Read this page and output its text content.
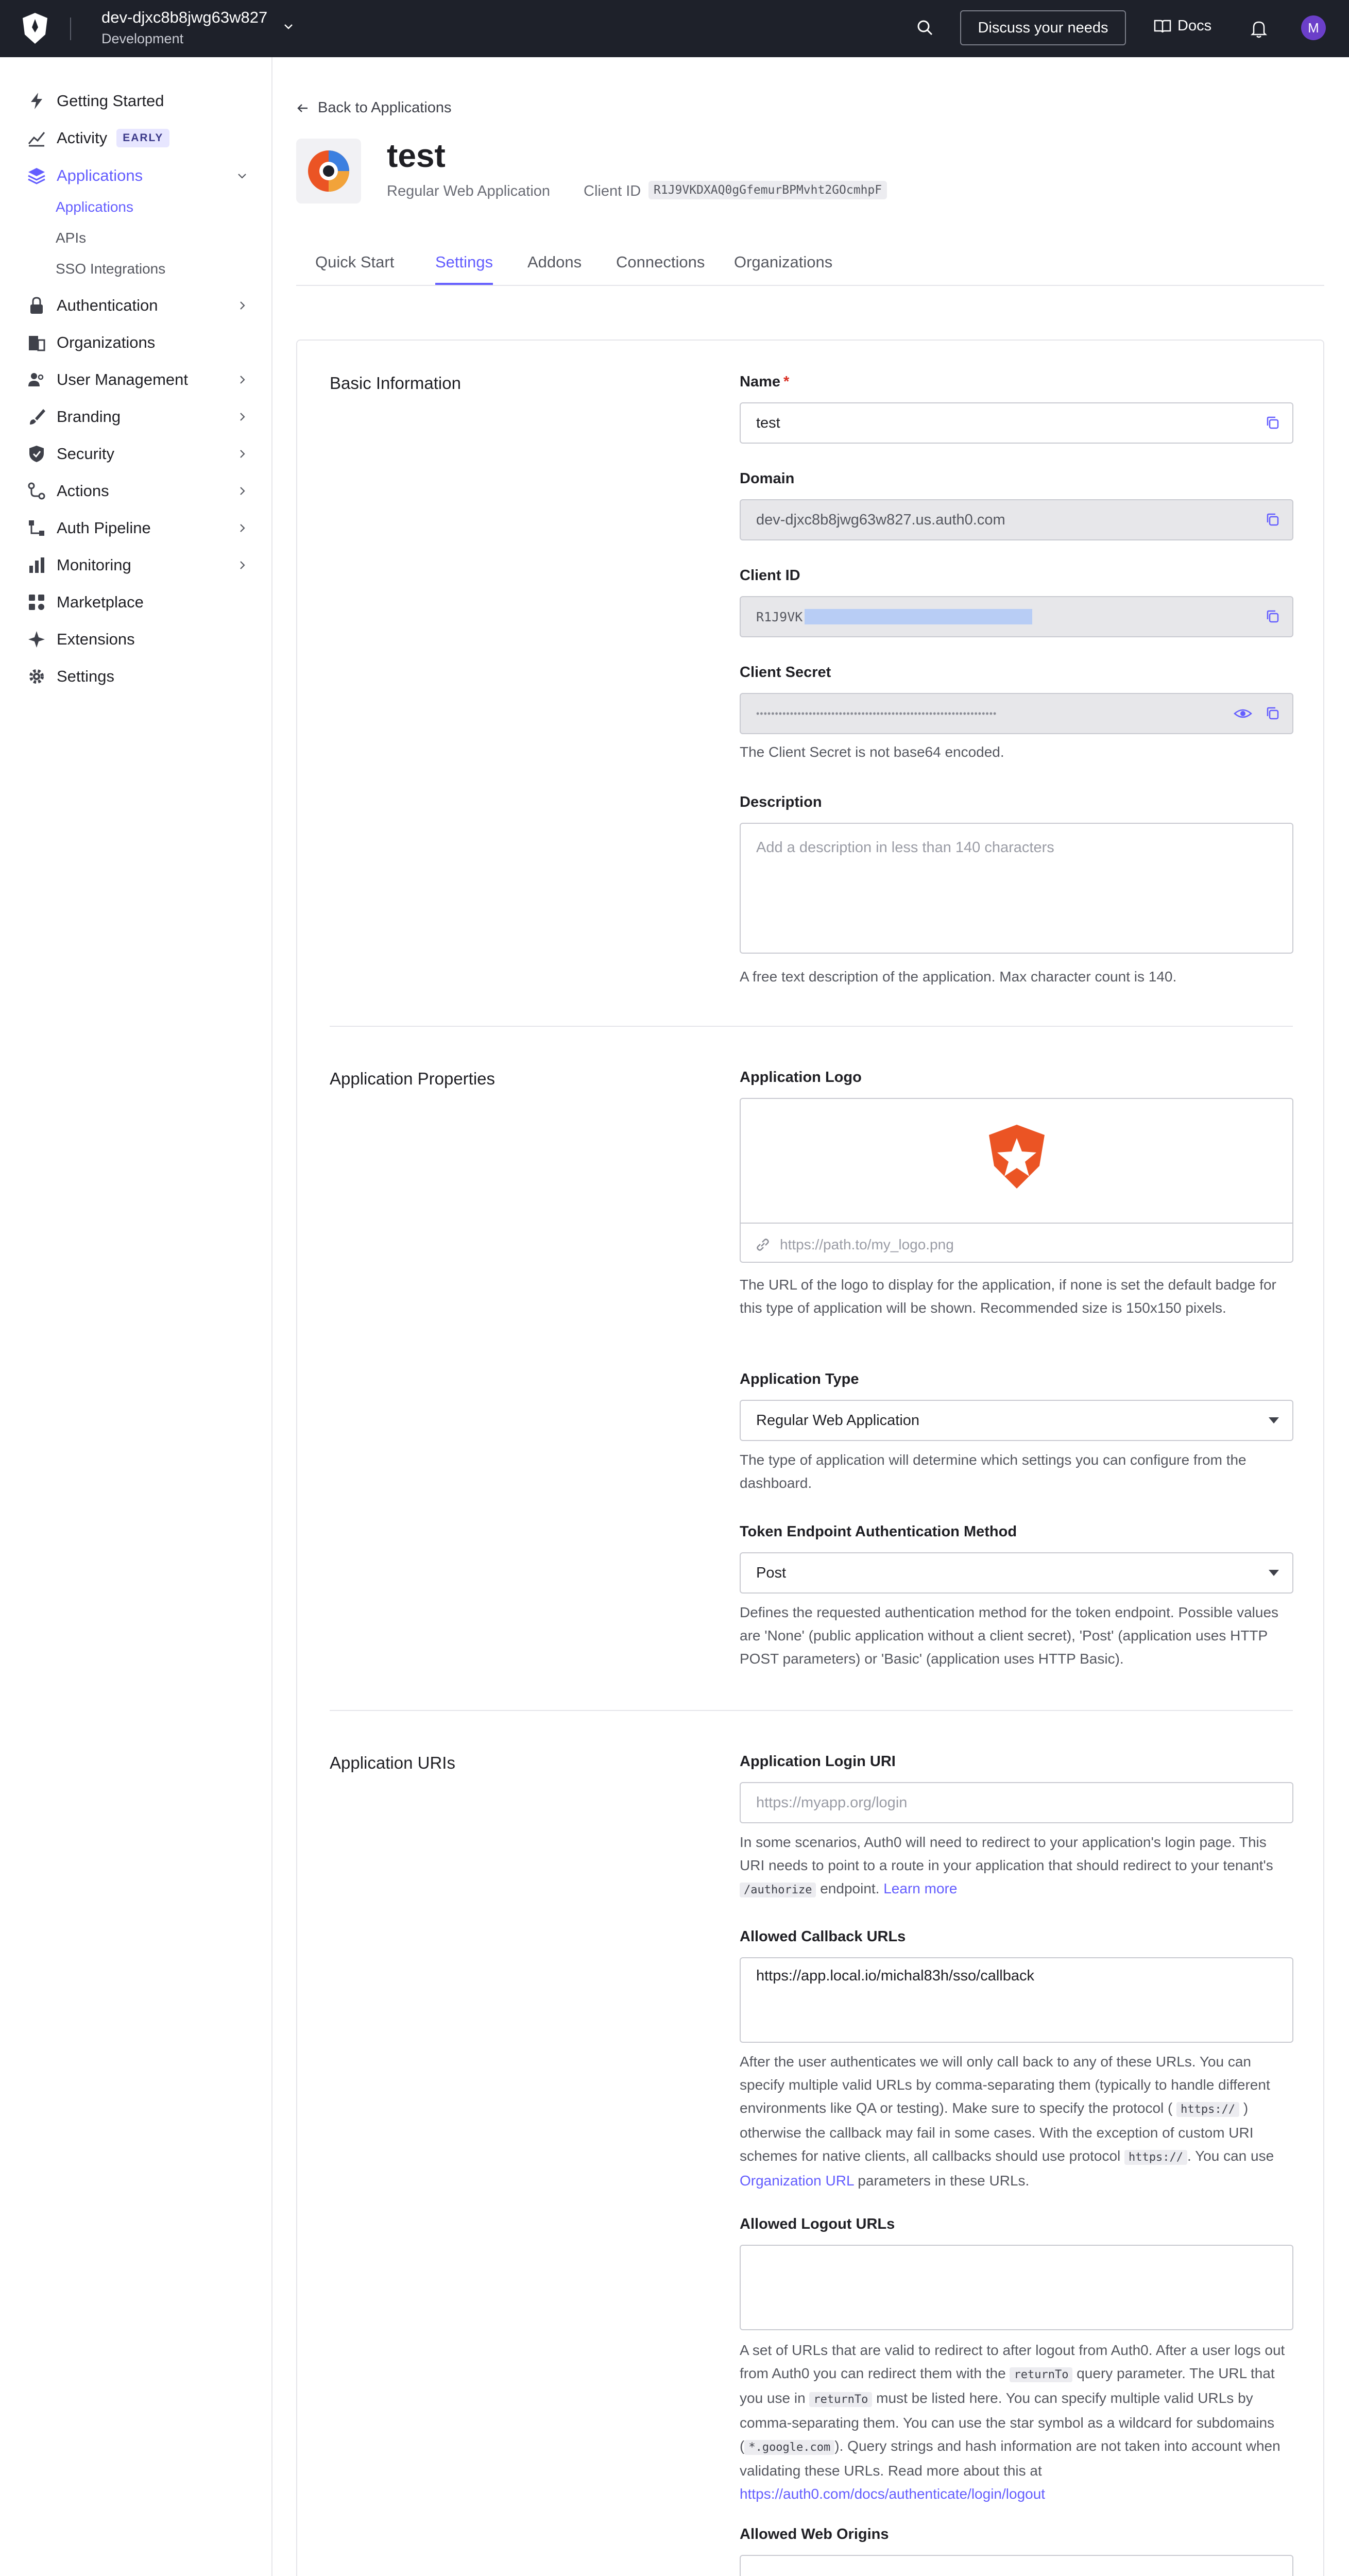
dev-djxc8b8jwg63w827
Development
Discuss your needs	Docs	M
Getting Started
Activity	EARLY
Applications
Applications
APIs
SSO Integrations
Authentication
Organizations
User Management
Branding
Security
Actions
Auth Pipeline
Monitoring
Marketplace
Extensions
Settings
Back to Applications
test
Regular Web Application Client ID	R1J9VKDXAQ0gGfemurBPMvht2GOcmhpF
Quick Start	Settings Addons Connections Organizations
Basic Information	Name *
test
Domain
dev-djxc8b8jwg63w827.us.auth0.com
Client ID
R1J9VK
Client Secret
••••••••••••••••••••••••••••••••••••••••••••••••••••••••••••••••
The Client Secret is not base64 encoded.
Description
Add a description in less than 140 characters
A free text description of the application. Max character count is 140.
Application Properties	Application Logo
https://path.to/my_logo.png
The URL of the logo to display for the application, if none is set the default badge for this type of application will be shown. Recommended size is 150x150 pixels.
Application Type
Regular Web Application
The type of application will determine which settings you can configure from the dashboard.
Token Endpoint Authentication Method
Post
Defines the requested authentication method for the token endpoint. Possible values are 'None' (public application without a client secret), 'Post' (application uses HTTP POST parameters) or 'Basic' (application uses HTTP Basic).
Application URIs	Application Login URI
https://myapp.org/login
In some scenarios, Auth0 will need to redirect to your application's login page. This URI needs to point to a route in your application that should redirect to your tenant's /authorize endpoint. Learn more
Allowed Callback URLs
https://app.local.io/michal83h/sso/callback
After the user authenticates we will only call back to any of these URLs. You can specify multiple valid URLs by comma-separating them (typically to handle different environments like QA or testing). Make sure to specify the protocol ( https:// ) otherwise the callback may fail in some cases. With the exception of custom URI schemes for native clients, all callbacks should use protocol https:// . You can use Organization URL parameters in these URLs.
Allowed Logout URLs
A set of URLs that are valid to redirect to after logout from Auth0. After a user logs out from Auth0 you can redirect them with the returnTo query parameter. The URL that you use in returnTo must be listed here. You can specify multiple valid URLs by comma-separating them. You can use the star symbol as a wildcard for subdomains ( *.google.com ). Query strings and hash information are not taken into account when validating these URLs. Read more about this at https://auth0.com/docs/authenticate/login/logout
Allowed Web Origins
